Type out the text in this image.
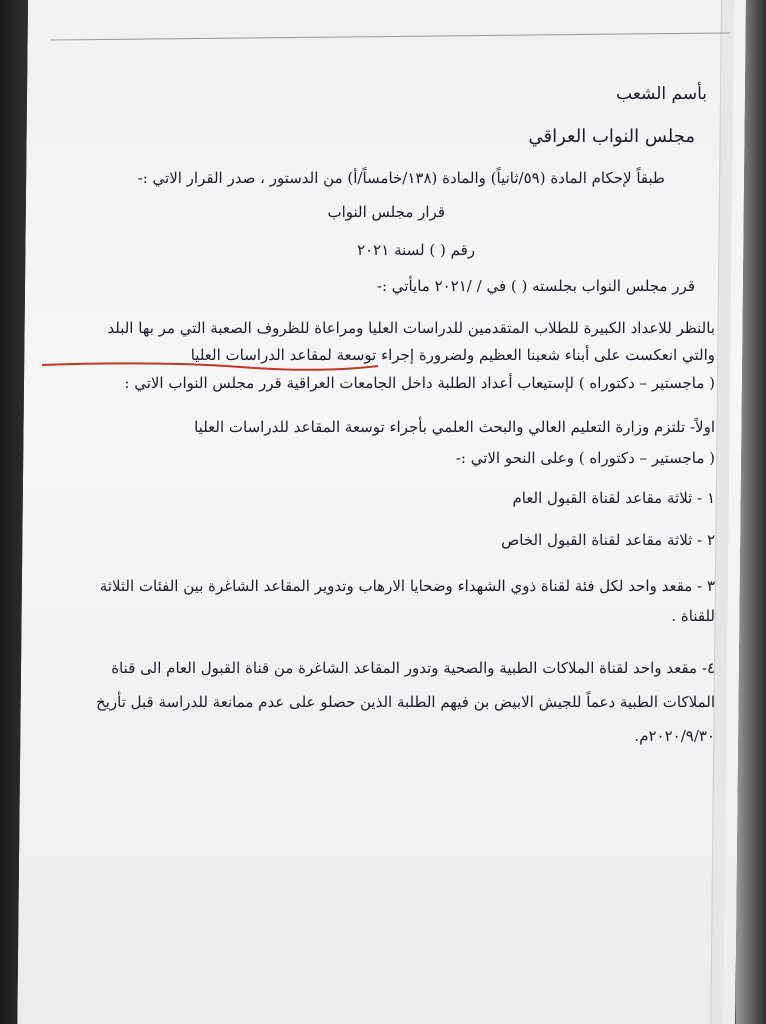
بأسم الشعب
مجلس النواب العراقي
طبقاً لإحكام المادة (٥٩/ثانياً) والمادة (١٣٨/خامساً/أ) من الدستور ، صدر القرار الاتي :-
قرار مجلس النواب
رقم ( ) لسنة ٢٠٢١
قرر مجلس النواب بجلسته ( ) في / /٢٠٢١ مايأتي :-
بالنظر للاعداد الكبيرة للطلاب المتقدمين للدراسات العليا ومراعاة للظروف الصعبة التي مر بها البلد
والتي انعكست على أبناء شعبنا العظيم ولضرورة إجراء توسعة لمقاعد الدراسات العليا
( ماجستير – دكتوراه ) لإستيعاب أعداد الطلبة داخل الجامعات العراقية قرر مجلس النواب الاتي :
اولاً- تلتزم وزارة التعليم العالي والبحث العلمي بأجراء توسعة المقاعد للدراسات العليا
( ماجستير – دكتوراه ) وعلى النحو الاتي :-
١ - ثلاثة مقاعد لقناة القبول العام
٢ - ثلاثة مقاعد لقناة القبول الخاص
٣ - مقعد واحد لكل فئة لقناة ذوي الشهداء وضحايا الارهاب وتدوير المقاعد الشاغرة بين الفئات الثلاثة
للقناة .
٤- مقعد واحد لقناة الملاكات الطبية والصحية وتدور المقاعد الشاغرة من قناة القبول العام الى قناة
الملاكات الطبية دعماً للجيش الابيض بن فيهم الطلبة الذين حصلو على عدم ممانعة للدراسة قبل تأريخ
٢٠٢٠/٩/٣٠م.
